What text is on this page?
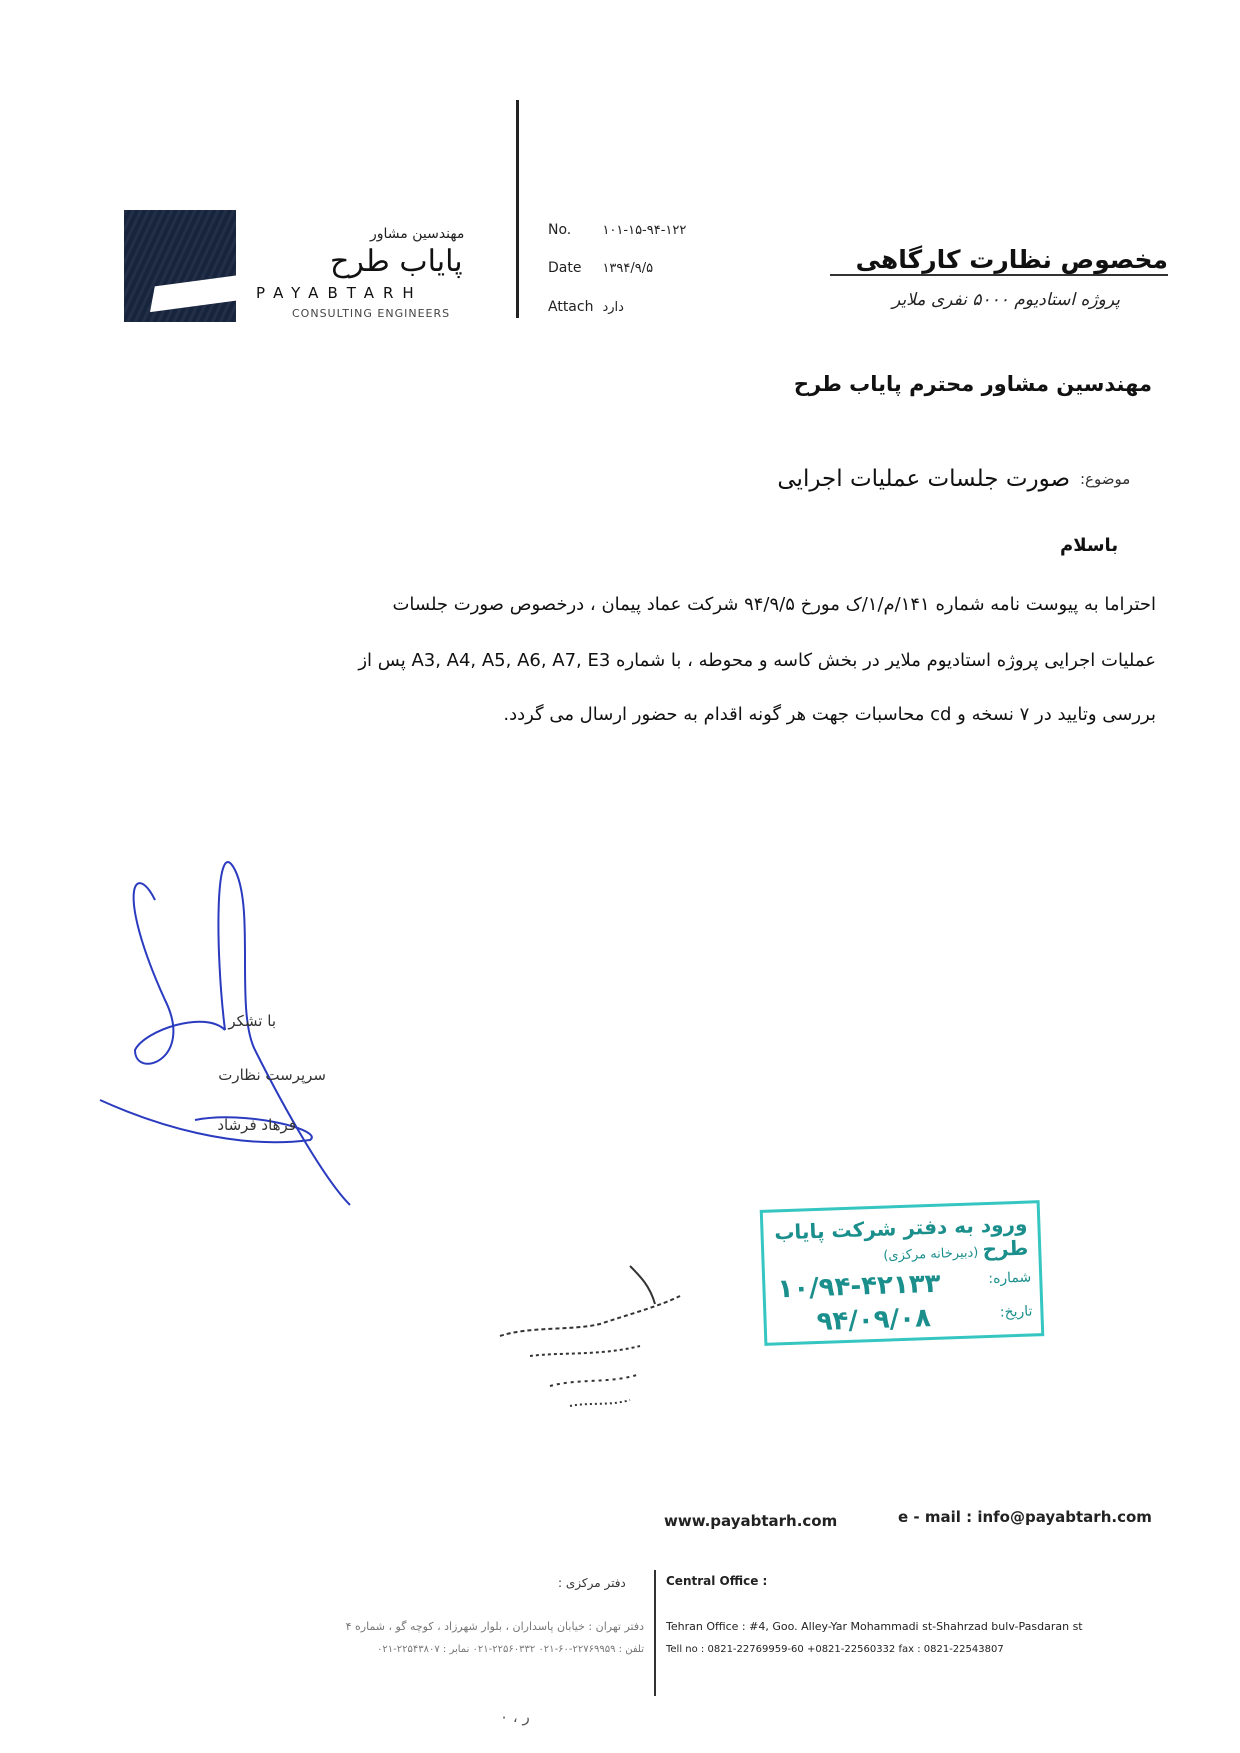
مهندسین مشاور
پایاب طرح
PAYABTARH
CONSULTING ENGINEERS
No. ۱۰۱-۱۵-۹۴-۱۲۲
Date ۱۳۹۴/۹/۵
Attach دارد
مخصوص نظارت کارگاهی
پروژه استادیوم ۵۰۰۰ نفری ملایر
مهندسین مشاور محترم پایاب طرح
موضوع:
صورت جلسات عملیات اجرایی
باسلام
احتراما به پیوست نامه شماره ۱۴۱/م/۱/ک مورخ ۹۴/۹/۵ شرکت عماد پیمان ، درخصوص صورت جلسات
عملیات اجرایی پروژه استادیوم ملایر در بخش کاسه و محوطه ، با شماره A3, A4, A5, A6, A7, E3 پس از
بررسی وتایید در ۷ نسخه و cd محاسبات جهت هر گونه اقدام به حضور ارسال می گردد.
با تشکر
سرپرست نظارت
فرهاد فرشاد
ورود به دفتر شرکت پایاب طرح
(دبیرخانه مرکزی)
شماره:
۱۰/۹۴-۴۲۱۳۳
تاریخ:
۹۴/۰۹/۰۸
www.payabtarh.com	e - mail : info@payabtarh.com
دفتر مرکزی :	Central Office :
دفتر تهران : خیابان پاسداران ، بلوار شهرزاد ، کوچه گو ، شماره ۴
تلفن : ۲۲۷۶۹۹۵۹-۶۰-۰۲۱ ۲۲۵۶۰۳۳۲-۰۲۱ نمابر : ۲۲۵۴۳۸۰۷-۰۲۱
Tehran Office : #4, Goo. Alley-Yar Mohammadi st-Shahrzad bulv-Pasdaran st
Tell no : 0821-22769959-60 +0821-22560332 fax : 0821-22543807
ر ، ۰
